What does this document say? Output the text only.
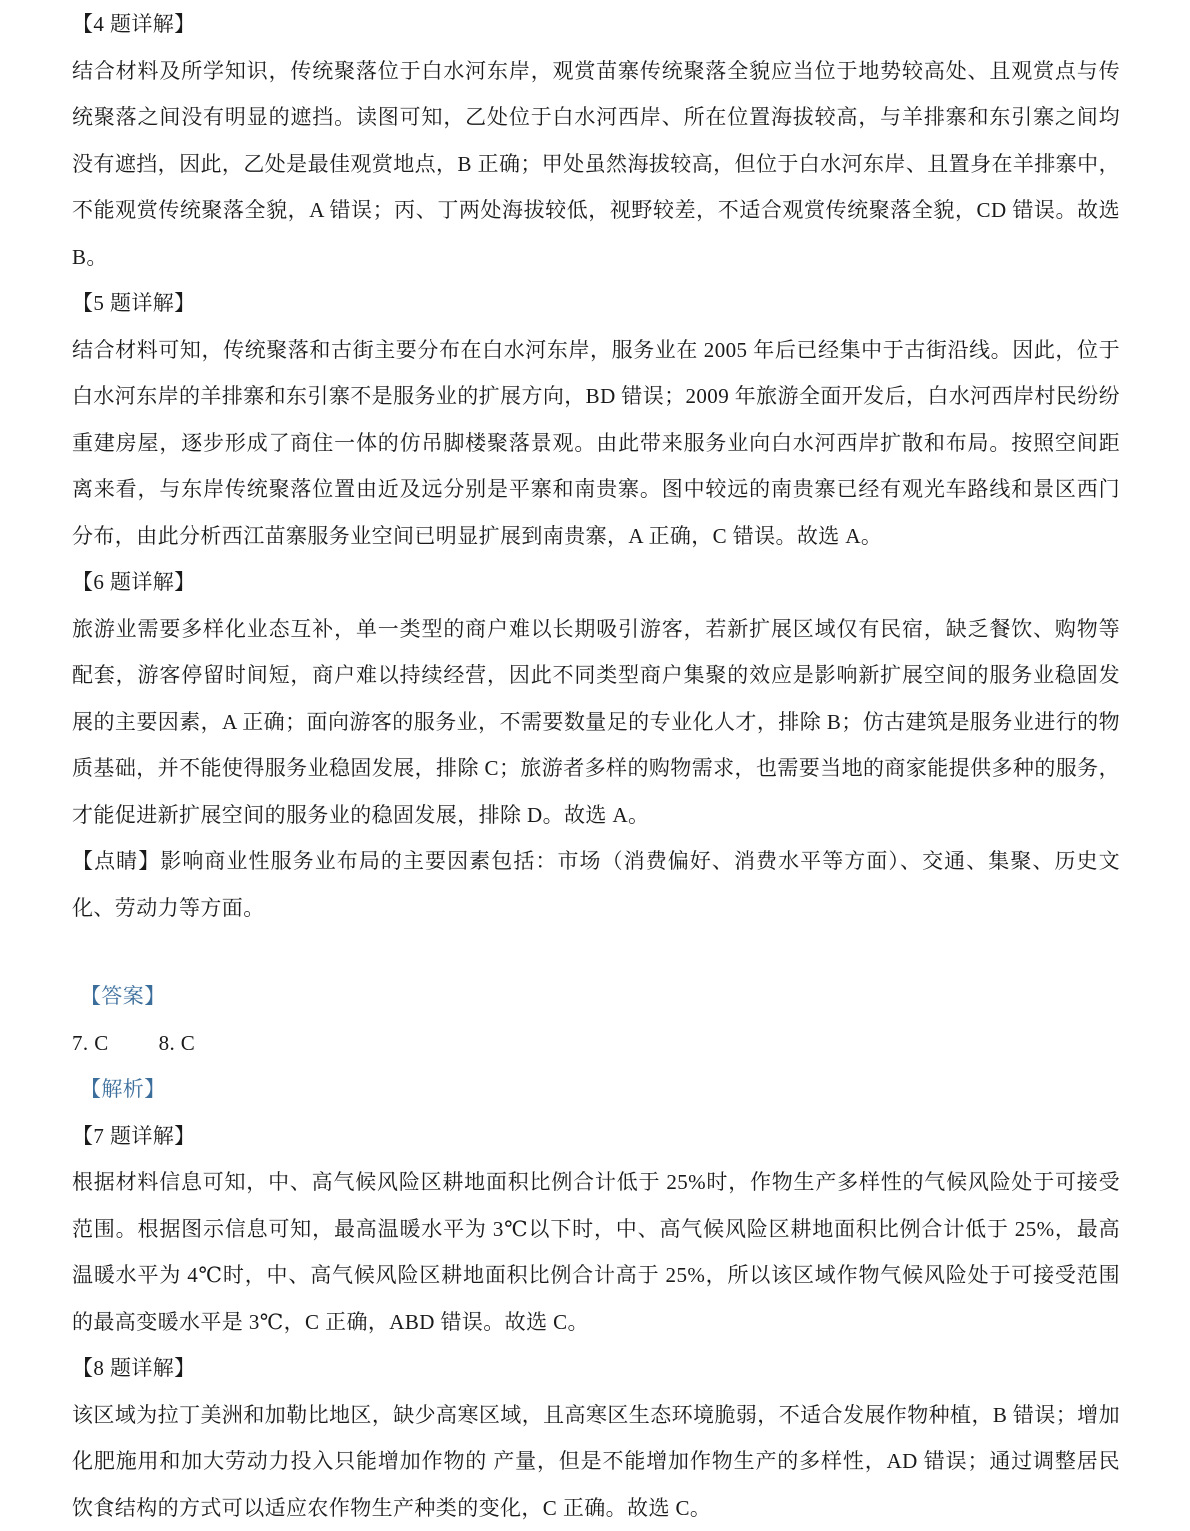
【4 题详解】

结合材料及所学知识，传统聚落位于白水河东岸，观赏苗寨传统聚落全貌应当位于地势较高处、且观赏点与传统聚落之间没有明显的遮挡。读图可知，乙处位于白水河西岸、所在位置海拔较高，与羊排寨和东引寨之间均没有遮挡，因此，乙处是最佳观赏地点，B 正确；甲处虽然海拔较高，但位于白水河东岸、且置身在羊排寨中，不能观赏传统聚落全貌，A 错误；丙、丁两处海拔较低，视野较差，不适合观赏传统聚落全貌，CD 错误。故选 B。

【5 题详解】

结合材料可知，传统聚落和古街主要分布在白水河东岸，服务业在 2005 年后已经集中于古街沿线。因此，位于白水河东岸的羊排寨和东引寨不是服务业的扩展方向，BD 错误；2009 年旅游全面开发后，白水河西岸村民纷纷重建房屋，逐步形成了商住一体的仿吊脚楼聚落景观。由此带来服务业向白水河西岸扩散和布局。按照空间距离来看，与东岸传统聚落位置由近及远分别是平寨和南贵寨。图中较远的南贵寨已经有观光车路线和景区西门分布，由此分析西江苗寨服务业空间已明显扩展到南贵寨，A 正确，C 错误。故选 A。

【6 题详解】

旅游业需要多样化业态互补，单一类型的商户难以长期吸引游客，若新扩展区域仅有民宿，缺乏餐饮、购物等配套，游客停留时间短，商户难以持续经营，因此不同类型商户集聚的效应是影响新扩展空间的服务业稳固发展的主要因素，A 正确；面向游客的服务业，不需要数量足的专业化人才，排除 B；仿古建筑是服务业进行的物质基础，并不能使得服务业稳固发展，排除 C；旅游者多样的购物需求，也需要当地的商家能提供多种的服务，才能促进新扩展空间的服务业的稳固发展，排除 D。故选 A。

【点睛】影响商业性服务业布局的主要因素包括：市场（消费偏好、消费水平等方面）、交通、集聚、历史文化、劳动力等方面。

【答案】

7. C 8. C

【解析】
【7 题详解】

根据材料信息可知，中、高气候风险区耕地面积比例合计低于 25%时，作物生产多样性的气候风险处于可接受范围。根据图示信息可知，最高温暖水平为 3℃以下时，中、高气候风险区耕地面积比例合计低于 25%，最高温暖水平为 4℃时，中、高气候风险区耕地面积比例合计高于 25%，所以该区域作物气候风险处于可接受范围的最高变暖水平是 3℃，C 正确，ABD 错误。故选 C。

【8 题详解】

该区域为拉丁美洲和加勒比地区，缺少高寒区域，且高寒区生态环境脆弱，不适合发展作物种植，B 错误；增加化肥施用和加大劳动力投入只能增加作物的 产量，但是不能增加作物生产的多样性，AD 错误；通过调整居民饮食结构的方式可以适应农作物生产种类的变化，C 正确。故选 C。
